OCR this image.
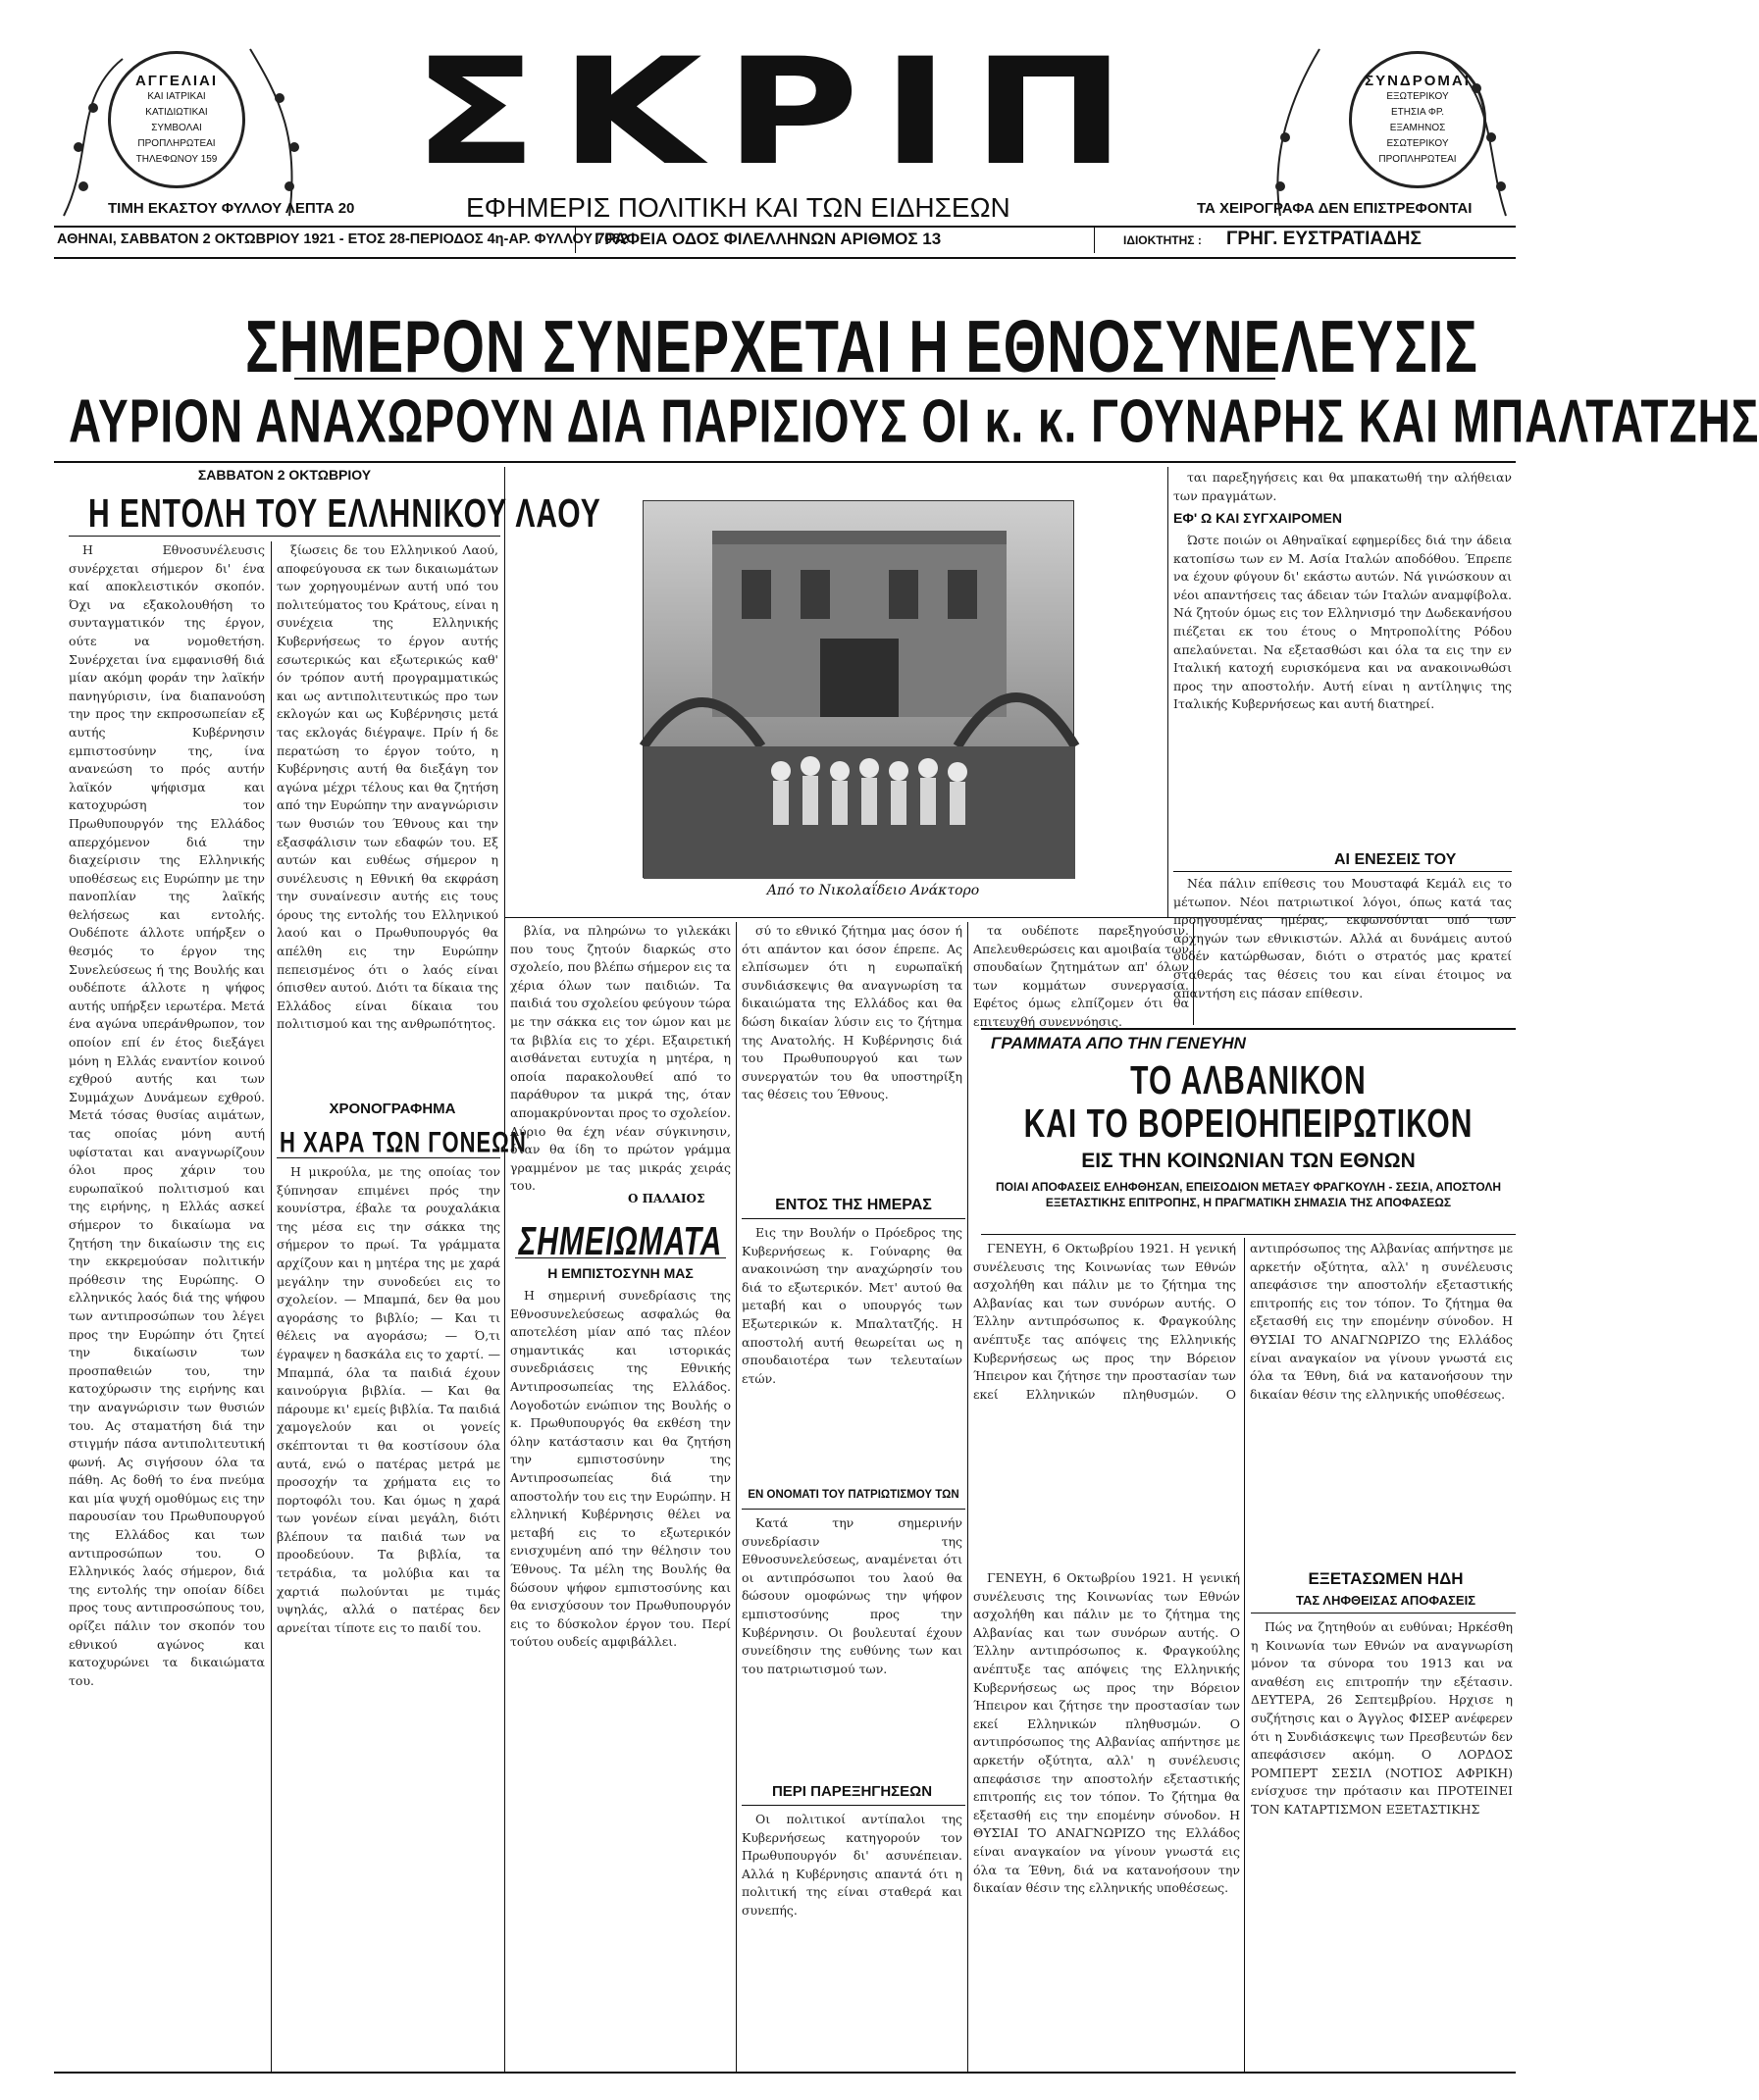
ΑΓΓΕΛΙΑΙ
ΚΑΙ ΙΑΤΡΙΚΑΙ
ΚΑΤΙΔΙΩΤΙΚΑΙ
ΣΥΜΒΟΛΑΙ
ΠΡΟΠΛΗΡΩΤΕΑΙ
ΤΗΛΕΦΩΝΟΥ 159	ΣΚΡΙΠ	ΣΥΝΔΡΟΜΑΙ
ΕΞΩΤΕΡΙΚΟΥ
ΕΤΗΣΙΑ ΦΡ.
ΕΞΑΜΗΝΟΣ
ΕΣΩΤΕΡΙΚΟΥ
ΠΡΟΠΛΗΡΩΤΕΑΙ
ΤΙΜΗ ΕΚΑΣΤΟΥ ΦΥΛΛΟΥ ΛΕΠΤΑ 20	ΕΦΗΜΕΡΙΣ ΠΟΛΙΤΙΚΗ ΚΑΙ ΤΩΝ ΕΙΔΗΣΕΩΝ	ΤΑ ΧΕΙΡΟΓΡΑΦΑ ΔΕΝ ΕΠΙΣΤΡΕΦΟΝΤΑΙ
ΑΘΗΝΑΙ, ΣΑΒΒΑΤΟΝ 2 ΟΚΤΩΒΡΙΟΥ 1921 - ΕΤΟΣ 28-ΠΕΡΙΟΔΟΣ 4η-ΑΡ. ΦΥΛΛΟΥ 7082
ΓΡΑΦΕΙΑ ΟΔΟΣ ΦΙΛΕΛΛΗΝΩΝ ΑΡΙΘΜΟΣ 13	ΙΔΙΟΚΤΗΤΗΣ : ΓΡΗΓ. ΕΥΣΤΡΑΤΙΑΔΗΣ
ΣΗΜΕΡΟΝ ΣΥΝΕΡΧΕΤΑΙ Η ΕΘΝΟΣΥΝΕΛΕΥΣΙΣ
ΑΥΡΙΟΝ ΑΝΑΧΩΡΟΥΝ ΔΙΑ ΠΑΡΙΣΙΟΥΣ ΟΙ κ. κ. ΓΟΥΝΑΡΗΣ ΚΑΙ ΜΠΑΛΤΑΤΖΗΣ
ΣΑΒΒΑΤΟΝ 2 ΟΚΤΩΒΡΙΟΥ
Η ΕΝΤΟΛΗ ΤΟΥ ΕΛΛΗΝΙΚΟΥ ΛΑΟΥ

Η Εθνοσυνέλευσις συνέρχεται σήμερον δι' ένα καί αποκλειστικόν σκοπόν. Όχι να εξακολουθήση το συνταγματικόν της έργον, ούτε να νομοθετήση. Συνέρχεται ίνα εμφανισθή διά μίαν ακόμη φοράν την λαϊκήν πανηγύρισιν, ίνα διαπανούση την προς την εκπροσωπείαν εξ αυτής Κυβέρνησιν εμπιστοσύνην της, ίνα ανανεώση το πρός αυτήν λαϊκόν ψήφισμα και κατοχυρώση τον Πρωθυπουργόν της Ελλάδος απερχόμενον διά την διαχείρισιν της Ελληνικής υποθέσεως εις Ευρώπην με την πανοπλίαν της λαϊκής θελήσεως και εντολής. Ουδέποτε άλλοτε υπήρξεν ο θεσμός το έργον της Συνελεύσεως ή της Βουλής και ουδέποτε άλλοτε η ψήφος αυτής υπήρξεν ιερωτέρα. Μετά ένα αγώνα υπεράνθρωπον, τον οποίον επί έν έτος διεξάγει μόνη η Ελλάς εναντίον κοινού εχθρού αυτής και των Συμμάχων Δυνάμεων εχθρού. Μετά τόσας θυσίας αιμάτων, τας οποίας μόνη αυτή υφίσταται και αναγνωρίζουν όλοι προς χάριν του ευρωπαϊκού πολιτισμού και της ειρήνης, η Ελλάς ασκεί σήμερον το δικαίωμα να ζητήση την δικαίωσιν της εις την εκκρεμούσαν πολιτικήν πρόθεσιν της Ευρώπης. Ο ελληνικός λαός διά της ψήφου των αντιπροσώπων του λέγει προς την Ευρώπην ότι ζητεί την δικαίωσιν των προσπαθειών του, την κατοχύρωσιν της ειρήνης και την αναγνώρισιν των θυσιών του. Ας σταματήση διά την στιγμήν πάσα αντιπολιτευτική φωνή. Ας σιγήσουν όλα τα πάθη. Ας δοθή το ένα πνεύμα και μία ψυχή ομοθύμως εις την παρουσίαν του Πρωθυπουργού της Ελλάδος και των αντιπροσώπων του. Ο Ελληνικός λαός σήμερον, διά της εντολής την οποίαν δίδει προς τους αντιπροσώπους του, ορίζει πάλιν τον σκοπόν του εθνικού αγώνος και κατοχυρώνει τα δικαιώματα του.

ξίωσεις δε του Ελληνικού Λαού, αποφεύγουσα εκ των δικαιωμάτων των χορηγουμένων αυτή υπό του πολιτεύματος του Κράτους, είναι η συνέχεια της Ελληνικής Κυβερνήσεως το έργον αυτής εσωτερικώς και εξωτερικώς καθ' όν τρόπον αυτή προγραμματικώς και ως αντιπολιτευτικώς προ των εκλογών και ως Κυβέρνησις μετά τας εκλογάς διέγραψε. Πρίν ή δε περατώση το έργον τούτο, η Κυβέρνησις αυτή θα διεξάγη τον αγώνα μέχρι τέλους και θα ζητήση από την Ευρώπην την αναγνώρισιν των θυσιών του Έθνους και την εξασφάλισιν των εδαφών του. Εξ αυτών και ευθέως σήμερον η συνέλευσις η Εθνική θα εκφράση την συναίνεσιν αυτής εις τους όρους της εντολής του Ελληνικού λαού και ο Πρωθυπουργός θα απέλθη εις την Ευρώπην πεπεισμένος ότι ο λαός είναι όπισθεν αυτού. Διότι τα δίκαια της Ελλάδος είναι δίκαια του πολιτισμού και της ανθρωπότητος.

Από το Νικολαΐδειο Ανάκτορο
ΧΡΟΝΟΓΡΑΦΗΜΑ
Η ΧΑΡΑ ΤΩΝ ΓΟΝΕΩΝ

Η μικρούλα, με της οποίας τον ξύπνησαν επιμένει πρός την κουνίστρα, έβαλε τα ρουχαλάκια της μέσα εις την σάκκα της σήμερον το πρωί. Τα γράμματα αρχίζουν και η μητέρα της με χαρά μεγάλην την συνοδεύει εις το σχολείον. — Μπαμπά, δεν θα μου αγοράσης το βιβλίο; — Και τι θέλεις να αγοράσω; — Ό,τι έγραψεν η δασκάλα εις το χαρτί. — Μπαμπά, όλα τα παιδιά έχουν καινούργια βιβλία. — Και θα πάρουμε κι' εμείς βιβλία. Τα παιδιά χαμογελούν και οι γονείς σκέπτονται τι θα κοστίσουν όλα αυτά, ενώ ο πατέρας μετρά με προσοχήν τα χρήματα εις το πορτοφόλι του. Και όμως η χαρά των γονέων είναι μεγάλη, διότι βλέπουν τα παιδιά των να προοδεύουν. Τα βιβλία, τα τετράδια, τα μολύβια και τα χαρτιά πωλούνται με τιμάς υψηλάς, αλλά ο πατέρας δεν αρνείται τίποτε εις το παιδί του.

βλία, να πληρώνω το γιλεκάκι που τους ζητούν διαρκώς στο σχολείο, που βλέπω σήμερον εις τα χέρια όλων των παιδιών. Τα παιδιά του σχολείου φεύγουν τώρα με την σάκκα εις τον ώμον και με τα βιβλία εις το χέρι. Εξαιρετική αισθάνεται ευτυχία η μητέρα, η οποία παρακολουθεί από το παράθυρον τα μικρά της, όταν απομακρύνονται προς το σχολείον. Αύριο θα έχη νέαν σύγκινησιν, όταν θα ίδη το πρώτον γράμμα γραμμένον με τας μικράς χειράς του.

Ο ΠΑΛΑΙΟΣ
ΣΗΜΕΙΩΜΑΤΑ
Η ΕΜΠΙΣΤΟΣΥΝΗ ΜΑΣ

Η σημερινή συνεδρίασις της Εθνοσυνελεύσεως ασφαλώς θα αποτελέση μίαν από τας πλέον σημαντικάς και ιστορικάς συνεδριάσεις της Εθνικής Αντιπροσωπείας της Ελλάδος. Λογοδοτών ενώπιον της Βουλής ο κ. Πρωθυπουργός θα εκθέση την όλην κατάστασιν και θα ζητήση την εμπιστοσύνην της Αντιπροσωπείας διά την αποστολήν του εις την Ευρώπην. Η ελληνική Κυβέρνησις θέλει να μεταβή εις το εξωτερικόν ενισχυμένη από την θέλησιν του Έθνους. Τα μέλη της Βουλής θα δώσουν ψήφον εμπιστοσύνης και θα ενισχύσουν τον Πρωθυπουργόν εις το δύσκολον έργον του. Περί τούτου ουδείς αμφιβάλλει.

σύ το εθνικό ζήτημα μας όσον ή ότι απάντον και όσον έπρεπε. Ας ελπίσωμεν ότι η ευρωπαϊκή συνδιάσκεψις θα αναγνωρίση τα δικαιώματα της Ελλάδος και θα δώση δικαίαν λύσιν εις το ζήτημα της Ανατολής. Η Κυβέρνησις διά του Πρωθυπουργού και των συνεργατών του θα υποστηρίξη τας θέσεις του Έθνους.

ΕΝΤΟΣ ΤΗΣ ΗΜΕΡΑΣ

Εις την Βουλήν ο Πρόεδρος της Κυβερνήσεως κ. Γούναρης θα ανακοινώση την αναχώρησίν του διά το εξωτερικόν. Μετ' αυτού θα μεταβή και ο υπουργός των Εξωτερικών κ. Μπαλτατζής. Η αποστολή αυτή θεωρείται ως η σπουδαιοτέρα των τελευταίων ετών.

ΕΝ ΟΝΟΜΑΤΙ ΤΟΥ ΠΑΤΡΙΩΤΙΣΜΟΥ ΤΩΝ

Κατά την σημερινήν συνεδρίασιν της Εθνοσυνελεύσεως, αναμένεται ότι οι αντιπρόσωποι του λαού θα δώσουν ομοφώνως την ψήφον εμπιστοσύνης προς την Κυβέρνησιν. Οι βουλευταί έχουν συνείδησιν της ευθύνης των και του πατριωτισμού των.

ΠΕΡΙ ΠΑΡΕΞΗΓΗΣΕΩΝ

Οι πολιτικοί αντίπαλοι της Κυβερνήσεως κατηγορούν τον Πρωθυπουργόν δι' ασυνέπειαν. Αλλά η Κυβέρνησις απαντά ότι η πολιτική της είναι σταθερά και συνεπής.

τα ουδέποτε παρεξηγούσιν. Απελευθερώσεις και αμοιβαία των σπουδαίων ζητημάτων απ' όλων των κομμάτων συνεργασία. Εφέτος όμως ελπίζομεν ότι θα επιτευχθή συνεννόησις.

ται παρεξηγήσεις και θα μπακατωθή την αλήθειαν των πραγμάτων.

ΕΦ' Ω ΚΑΙ ΣΥΓΧΑΙΡΟΜΕΝ

Ώστε ποιών οι Αθηναϊκαί εφημερίδες διά την άδεια κατοπίσω των εν Μ. Ασία Ιταλών αποδόθου. Έπρεπε να έχουν φύγουν δι' εκάστω αυτών. Νά γινώσκουν αι νέοι απαντήσεις τας άδειαν τών Ιταλών αναμφίβολα. Νά ζητούν όμως εις τον Ελληνισμό την Δωδεκανήσου πιέζεται εκ του έτους ο Μητροπολίτης Ρόδου απελαύνεται. Να εξετασθώσι και όλα τα εις την εν Ιταλική κατοχή ευρισκόμενα και να ανακοινωθώσι προς την αποστολήν. Αυτή είναι η αντίληψις της Ιταλικής Κυβερνήσεως και αυτή διατηρεί.

ΑΙ ΕΝΕΣΕΙΣ ΤΟΥ

Νέα πάλιν επίθεσις του Μουσταφά Κεμάλ εις το μέτωπον. Νέοι πατριωτικοί λόγοι, όπως κατά τας προηγουμένας ημέρας, εκφωνούνται υπό των αρχηγών των εθνικιστών. Αλλά αι δυνάμεις αυτού ουδέν κατώρθωσαν, διότι ο στρατός μας κρατεί σταθεράς τας θέσεις του και είναι έτοιμος να απαντήση εις πάσαν επίθεσιν.

ΓΡΑΜΜΑΤΑ ΑΠΟ ΤΗΝ ΓΕΝΕΥΗΝ
ΤΟ ΑΛΒΑΝΙΚΟΝ
ΚΑΙ ΤΟ ΒΟΡΕΙΟΗΠΕΙΡΩΤΙΚΟΝ
ΕΙΣ ΤΗΝ ΚΟΙΝΩΝΙΑΝ ΤΩΝ ΕΘΝΩΝ
ΠΟΙΑΙ ΑΠΟΦΑΣΕΙΣ ΕΛΗΦΘΗΣΑΝ, ΕΠΕΙΣΟΔΙΟΝ ΜΕΤΑΞΥ ΦΡΑΓΚΟΥΛΗ - ΣΕΣΙΑ, ΑΠΟΣΤΟΛΗ ΕΞΕΤΑΣΤΙΚΗΣ ΕΠΙΤΡΟΠΗΣ, Η ΠΡΑΓΜΑΤΙΚΗ ΣΗΜΑΣΙΑ ΤΗΣ ΑΠΟΦΑΣΕΩΣ

ΓΕΝΕΥΗ, 6 Οκτωβρίου 1921. Η γενική συνέλευσις της Κοινωνίας των Εθνών ασχολήθη και πάλιν με το ζήτημα της Αλβανίας και των συνόρων αυτής. Ο Έλλην αντιπρόσωπος κ. Φραγκούλης ανέπτυξε τας απόψεις της Ελληνικής Κυβερνήσεως ως προς την Βόρειον Ήπειρον και ζήτησε την προστασίαν των εκεί Ελληνικών πληθυσμών. Ο αντιπρόσωπος της Αλβανίας απήντησε με αρκετήν οξύτητα, αλλ' η συνέλευσις απεφάσισε την αποστολήν εξεταστικής επιτροπής εις τον τόπον. Το ζήτημα θα εξετασθή εις την επομένην σύνοδον. Η ΘΥΣΙΑΙ ΤΟ ΑΝΑΓΝΩΡΙΖΟ της Ελλάδος είναι αναγκαίον να γίνουν γνωστά εις όλα τα Έθνη, διά να κατανοήσουν την δικαίαν θέσιν της ελληνικής υποθέσεως.

ΕΞΕΤΑΣΩΜΕΝ ΗΔΗ
ΤΑΣ ΛΗΦΘΕΙΣΑΣ ΑΠΟΦΑΣΕΙΣ

Πώς να ζητηθούν αι ευθύναι; Ηρκέσθη η Κοινωνία των Εθνών να αναγνωρίση μόνον τα σύνορα του 1913 και να αναθέση εις επιτροπήν την εξέτασιν. ΔΕΥΤΕΡΑ, 26 Σεπτεμβρίου. Ηρχισε η συζήτησις και ο Άγγλος ΦΙΣΕΡ ανέφερεν ότι η Συνδιάσκεψις των Πρεσβευτών δεν απεφάσισεν ακόμη. Ο ΛΟΡΔΟΣ ΡΟΜΠΕΡΤ ΣΕΣΙΛ (ΝΟΤΙΟΣ ΑΦΡΙΚΗ) ενίσχυσε την πρότασιν και ΠΡΟΤΕΙΝΕΙ ΤΟΝ ΚΑΤΑΡΤΙΣΜΟΝ ΕΞΕΤΑΣΤΙΚΗΣ

ΓΕΝΕΥΗ, 6 Οκτωβρίου 1921. Η γενική συνέλευσις της Κοινωνίας των Εθνών ασχολήθη και πάλιν με το ζήτημα της Αλβανίας και των συνόρων αυτής. Ο Έλλην αντιπρόσωπος κ. Φραγκούλης ανέπτυξε τας απόψεις της Ελληνικής Κυβερνήσεως ως προς την Βόρειον Ήπειρον και ζήτησε την προστασίαν των εκεί Ελληνικών πληθυσμών. Ο αντιπρόσωπος της Αλβανίας απήντησε με αρκετήν οξύτητα, αλλ' η συνέλευσις απεφάσισε την αποστολήν εξεταστικής επιτροπής εις τον τόπον. Το ζήτημα θα εξετασθή εις την επομένην σύνοδον. Η ΘΥΣΙΑΙ ΤΟ ΑΝΑΓΝΩΡΙΖΟ της Ελλάδος είναι αναγκαίον να γίνουν γνωστά εις όλα τα Έθνη, διά να κατανοήσουν την δικαίαν θέσιν της ελληνικής υποθέσεως.
